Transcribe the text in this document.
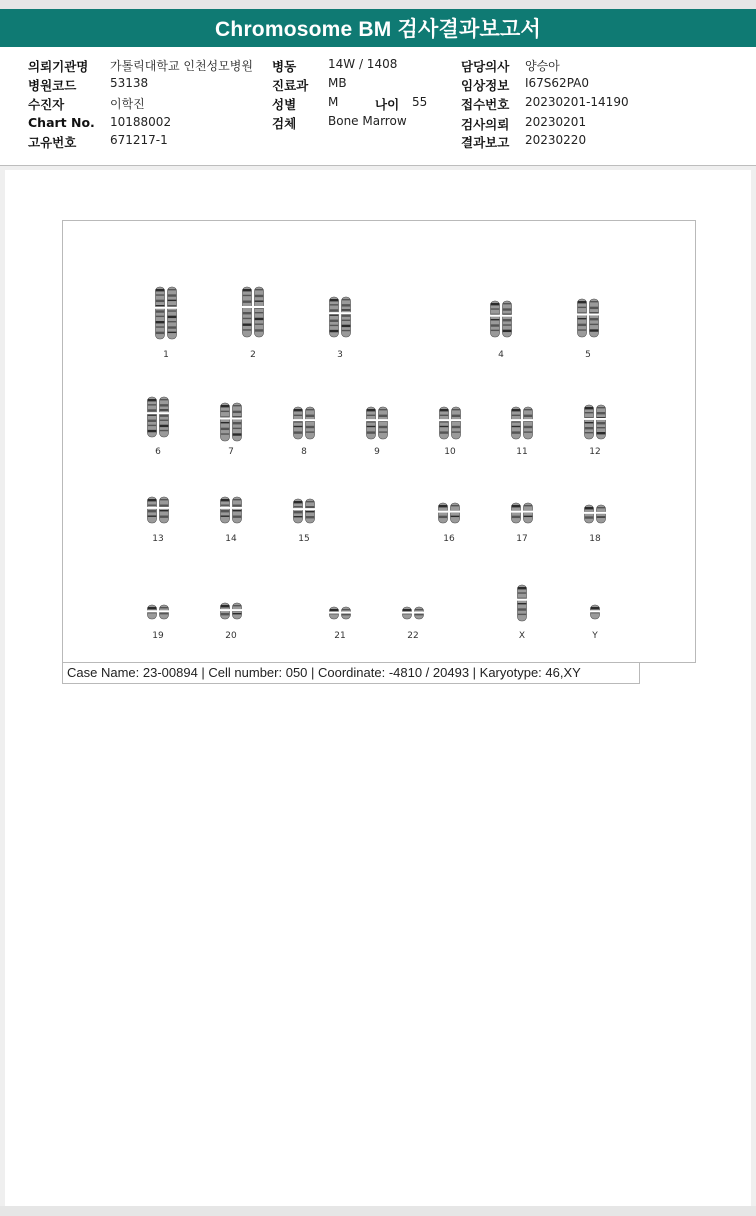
Chromosome BM 검사결과보고서
의뢰기관명 가톨릭대학교 인천성모병원
병원코드	53138
수진자	이학진
Chart No. 10188002
고유번호	671217-1
병동	14W / 1408
진료과 MB
성별	M	나이 55
검체	Bone Marrow
담당의사 양승아
임상정보 I67S62PA0
접수번호 20230201-14190
검사의뢰 20230201
결과보고 20230220
1	2	3	4	5
6	7	8	9	10	11	12
13	14	15	16	17	18
19	20	21	22	X	Y
Case Name: 23-00894 | Cell number: 050 | Coordinate: -4810 / 20493 | Karyotype: 46,XY
